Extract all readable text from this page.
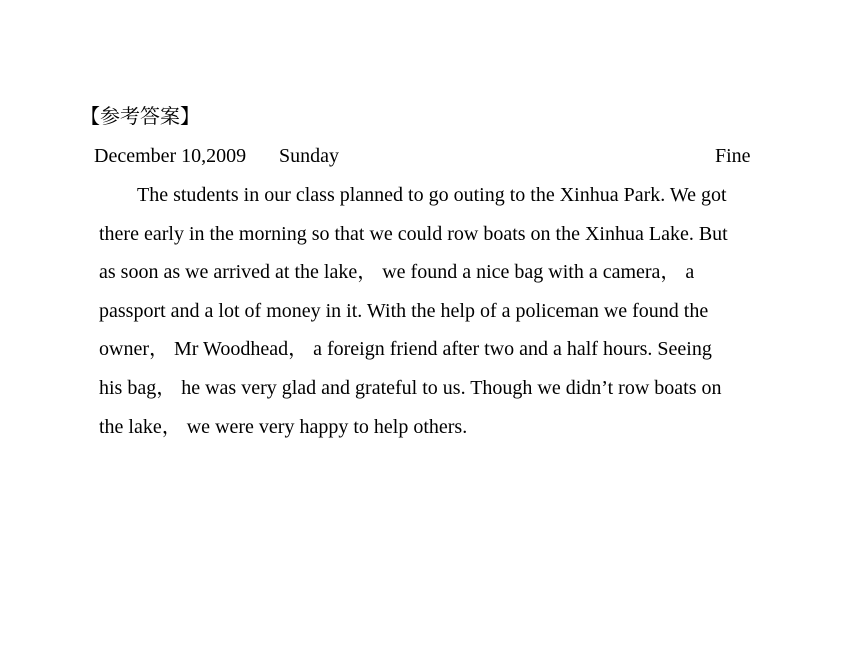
【参考答案】
December 10,2009 Sunday	Fine
The students in our class planned to go outing to the Xinhua Park. We got
there early in the morning so that we could row boats on the Xinhua Lake. But
as soon as we arrived at the lake， we found a nice bag with a camera， a
passport and a lot of money in it. With the help of a policeman we found the
owner， Mr Woodhead， a foreign friend after two and a half hours. Seeing
his bag， he was very glad and grateful to us. Though we didn’t row boats on
the lake， we were very happy to help others.
